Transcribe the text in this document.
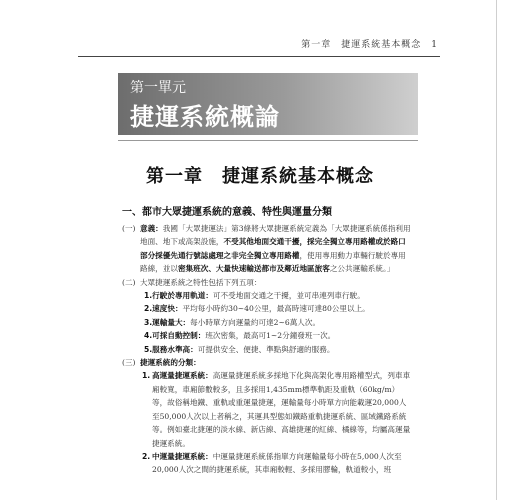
第一章　捷運系統基本概念　1
第一單元
捷運系統概論
第一章　捷運系統基本概念
一、都市大眾捷運系統的意義、特性與運量分類

(一) 意義：我國「大眾捷運法」第3條將大眾捷運系統定義為「大眾捷運系統係指利用地面、地下或高架設施，不受其他地面交通干擾，採完全獨立專用路權或於路口部分採優先通行號誌處理之非完全獨立專用路權，使用專用動力車輛行駛於專用路線，並以密集班次、大量快速輸送都市及鄰近地區旅客之公共運輸系統。」

(二) 大眾捷運系統之特性包括下列五項：

1.行駛於專用軌道：可不受地面交通之干擾，並可串連列車行駛。
2.速度快：平均每小時約30~40公里，最高時速可達80公里以上。
3.運輸量大：每小時單方向運量約可達2~6萬人次。
4.可採自動控制：班次密集，最高可1~2分鐘發班一次。
5.服務水準高：可提供安全、便捷、準點與舒適的服務。

(三) 捷運系統的分類：

1. 高運量捷運系統：高運量捷運系統多採地下化與高架化專用路權型式，列車車廂較寬，車廂節數較多，且多採用1,435mm標準軌距及重軌（60kg/m）等，故俗稱地鐵、重軌或重運量捷運，運輸量每小時單方向能載運20,000人至50,000人次以上者稱之，其運具型態如鐵路重軌捷運系統、區域鐵路系統等。例如臺北捷運的淡水線、新店線、高雄捷運的紅線、橘線等，均屬高運量捷運系統。
2. 中運量捷運系統：中運量捷運系統係指單方向運輸量每小時在5,000人次至20,000人次之間的捷運系統，其車廂較輕、多採用膠輪，軌道較小，班
